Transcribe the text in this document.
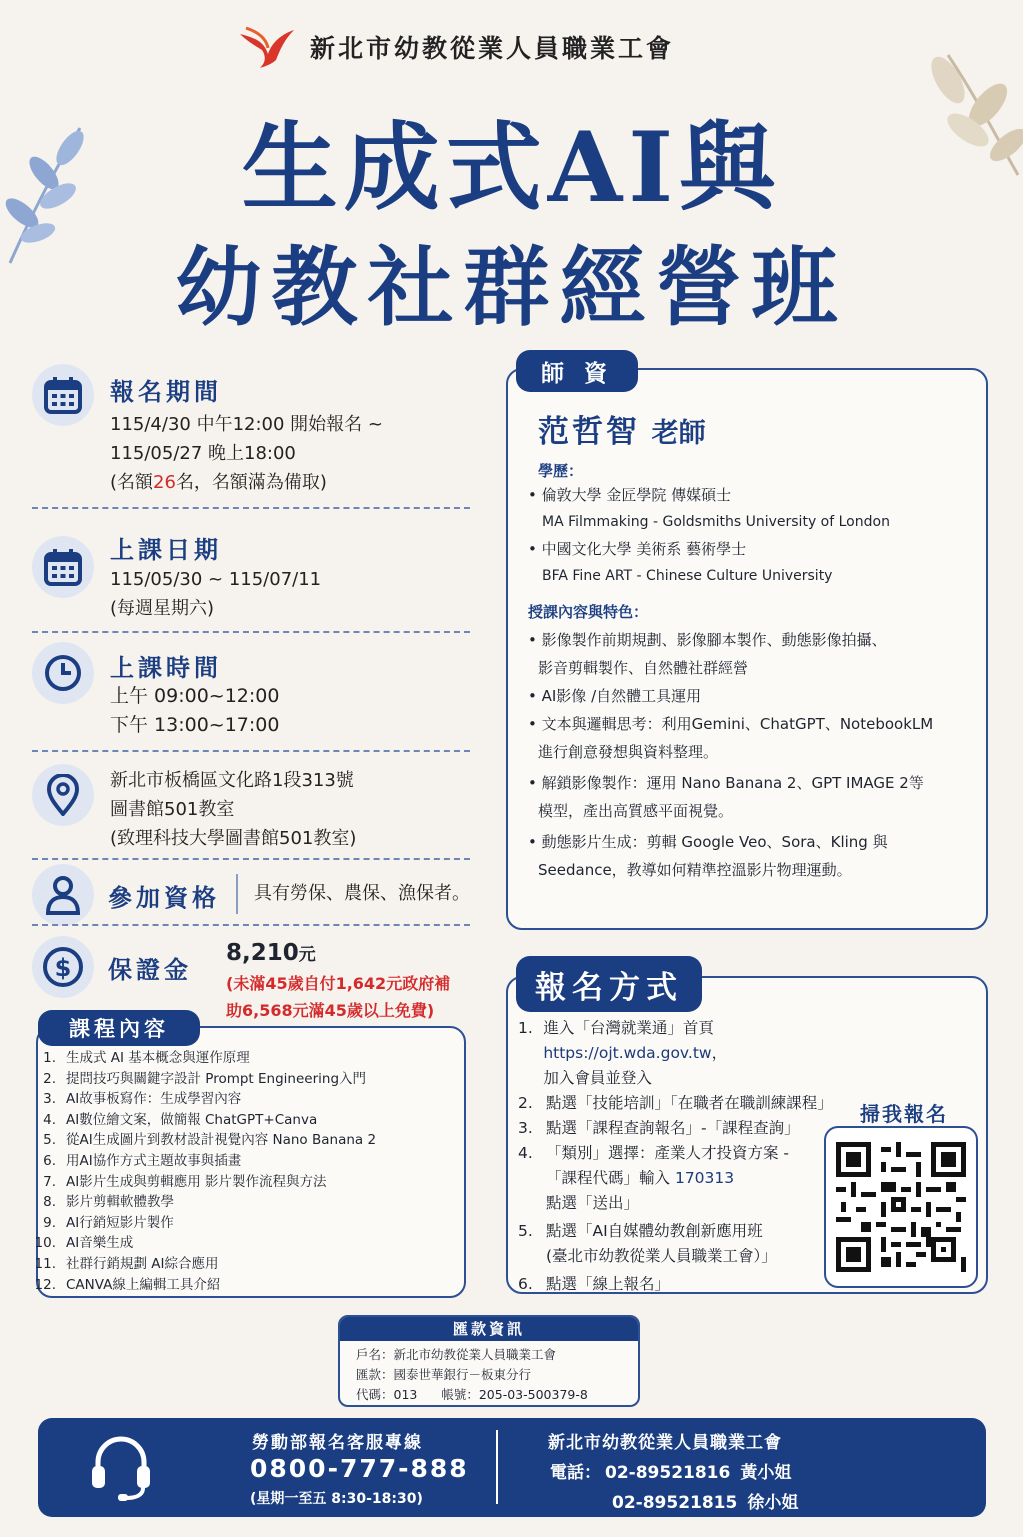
新北市幼教從業人員職業工會
生成式AI與
幼教社群經營班
報名期間
115/4/30 中午12:00 開始報名 ~
115/05/27 晚上18:00
(名額26名，名額滿為備取)
上課日期
115/05/30 ~ 115/07/11
(每週星期六)
上課時間
上午 09:00~12:00
下午 13:00~17:00
新北市板橋區文化路1段313號
圖書館501教室
(致理科技大學圖書館501教室)
參加資格 具有勞保、農保、漁保者。
$ 保證金
8,210元
(未滿45歲自付1,642元政府補
助6,568元滿45歲以上免費)
師 資
范哲智 老師
學歷：
• 倫敦大學 金匠學院 傳媒碩士
MA Filmmaking - Goldsmiths University of London
• 中國文化大學 美術系 藝術學士
BFA Fine ART - Chinese Culture University
授課內容與特色：
• 影像製作前期規劃、影像腳本製作、動態影像拍攝、
影音剪輯製作、自然體社群經營
• AI影像 /自然體工具運用
• 文本與邏輯思考：利用Gemini、ChatGPT、NotebookLM
進行創意發想與資料整理。
• 解鎖影像製作：運用 Nano Banana 2、GPT IMAGE 2等
模型，產出高質感平面視覺。
• 動態影片生成：剪輯 Google Veo、Sora、Kling 與
Seedance，教導如何精準控溫影片物理運動。
課程內容
1. 生成式 AI 基本概念與運作原理
2. 提問技巧與關鍵字設計 Prompt Engineering入門
3. AI故事板寫作：生成學習內容
4. AI數位繪文案，做簡報 ChatGPT+Canva
5. 從AI生成圖片到教材設計視覺內容 Nano Banana 2
6. 用AI協作方式主題故事與插畫
7. AI影片生成與剪輯應用 影片製作流程與方法
8. 影片剪輯軟體教學
9. AI行銷短影片製作
10. AI音樂生成
11. 社群行銷規劃 AI綜合應用
12. CANVA線上編輯工具介紹
報名方式
1. 進入「台灣就業通」首頁 https://ojt.wda.gov.tw，
加入會員並登入
2. 點選「技能培訓」「在職者在職訓練課程」
3. 點選「課程查詢報名」-「課程查詢」
4. 「類別」選擇：產業人才投資方案 -
「課程代碼」輸入 170313
點選「送出」
5. 點選「AI自媒體幼教創新應用班
(臺北市幼教從業人員職業工會）」
6. 點選「線上報名」
掃我報名
匯款資訊
戶名：新北市幼教從業人員職業工會
匯款：國泰世華銀行－板東分行
代碼：013 帳號：205-03-500379-8
勞動部報名客服專線
0800-777-888
(星期一至五 8:30-18:30)
新北市幼教從業人員職業工會
電話： 02-89521816 黃小姐
02-89521815 徐小姐
